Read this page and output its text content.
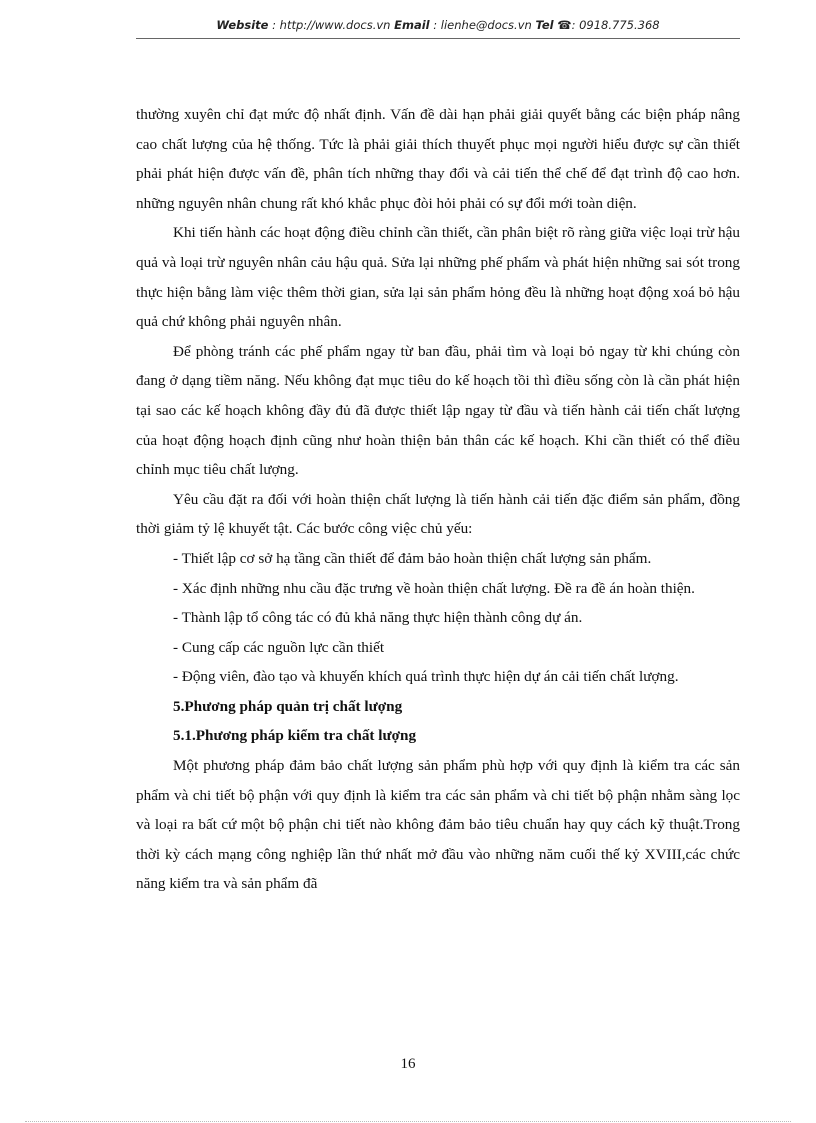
Website : http://www.docs.vn Email : lienhe@docs.vn Tel ☎: 0918.775.368

thường xuyên chỉ đạt mức độ nhất định. Vấn đề dài hạn phải giải quyết bằng các biện pháp nâng cao chất lượng của hệ thống. Tức là phải giải thích thuyết phục mọi người hiểu được sự cần thiết phải phát hiện được vấn đề, phân tích những thay đổi và cải tiến thể chế để đạt trình độ cao hơn. những nguyên nhân chung rất khó khắc phục đòi hỏi phải có sự đổi mới toàn diện.

Khi tiến hành các hoạt động điều chỉnh cần thiết, cần phân biệt rõ ràng giữa việc loại trừ hậu quả và loại trừ nguyên nhân cảu hậu quả. Sửa lại những phế phẩm và phát hiện những sai sót trong thực hiện bằng làm việc thêm thời gian, sửa lại sản phẩm hỏng đều là những hoạt động xoá bỏ hậu quả chứ không phải nguyên nhân.

Để phòng tránh các phế phẩm ngay từ ban đầu, phải tìm và loại bỏ ngay từ khi chúng còn đang ở dạng tiềm năng. Nếu không đạt mục tiêu do kế hoạch tồi thì điều sống còn là cần phát hiện tại sao các kế hoạch không đầy đủ đã được thiết lập ngay từ đầu và tiến hành cải tiến chất lượng của hoạt động hoạch định cũng như hoàn thiện bản thân các kế hoạch. Khi cần thiết có thể điều chỉnh mục tiêu chất lượng.

Yêu cầu đặt ra đối với hoàn thiện chất lượng là tiến hành cải tiến đặc điểm sản phẩm, đồng thời giảm tỷ lệ khuyết tật. Các bước công việc chủ yếu:

- Thiết lập cơ sở hạ tầng cần thiết để đảm bảo hoàn thiện chất lượng sản phẩm.

- Xác định những nhu cầu đặc trưng về hoàn thiện chất lượng. Đề ra đề án hoàn thiện.

- Thành lập tổ công tác có đủ khả năng thực hiện thành công dự án.

- Cung cấp các nguồn lực cần thiết

- Động viên, đào tạo và khuyến khích quá trình thực hiện dự án cải tiến chất lượng.

5.Phương pháp quản trị chất lượng

5.1.Phương pháp kiểm tra chất lượng

Một phương pháp đảm bảo chất lượng sản phẩm phù hợp với quy định là kiểm tra các sản phẩm và chi tiết bộ phận với quy định là kiểm tra các sản phẩm và chi tiết bộ phận nhằm sàng lọc và loại ra bất cứ một bộ phận chi tiết nào không đảm bảo tiêu chuẩn hay quy cách kỹ thuật.Trong thời kỳ cách mạng công nghiệp lần thứ nhất mở đầu vào những năm cuối thế kỷ XVIII,các chức năng kiểm tra và sản phẩm đã

16
